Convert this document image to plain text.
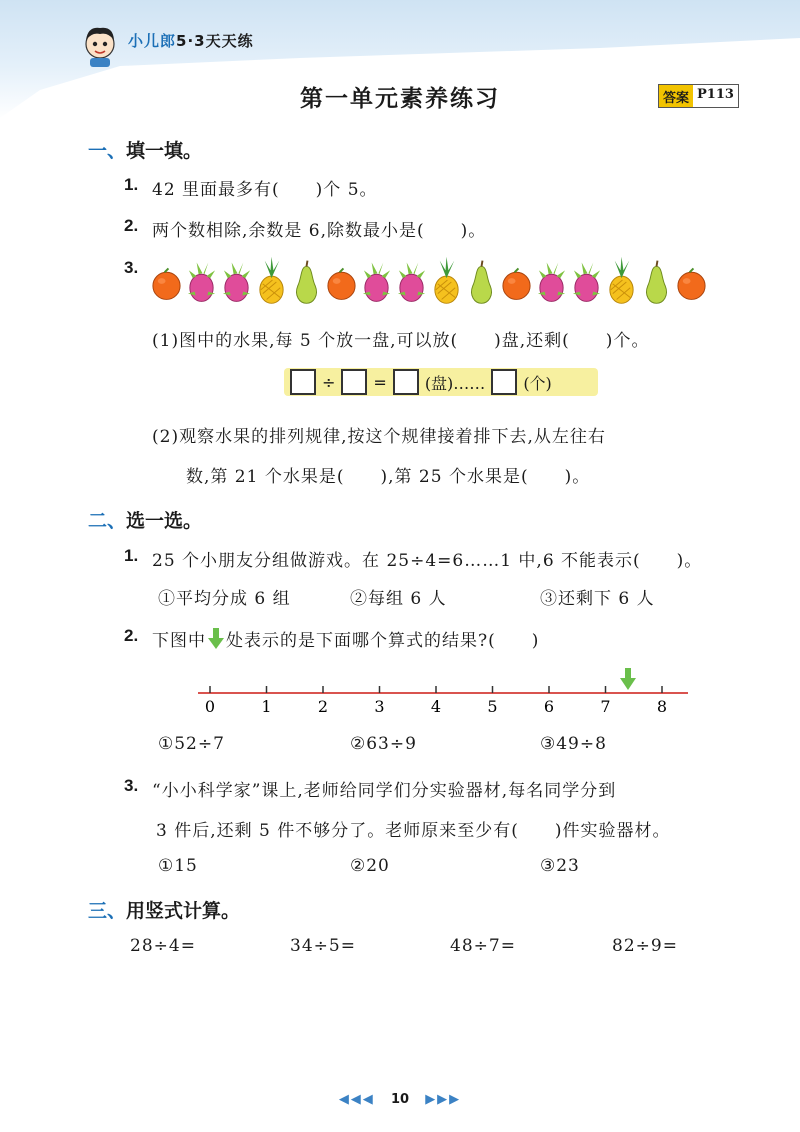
小儿郎5·3天天练
第一单元素养练习	答案 P113
一、填一填。
1. 42 里面最多有(　　)个 5。
2. 两个数相除,余数是 6,除数最小是(　　)。
3.
(1)图中的水果,每 5 个放一盘,可以放(　　)盘,还剩(　　)个。
÷ = (盘)…… (个)
(2)观察水果的排列规律,按这个规律接着排下去,从左往右
数,第 21 个水果是(　　),第 25 个水果是(　　)。
二、选一选。
1. 25 个小朋友分组做游戏。在 25÷4=6……1 中,6 不能表示(　　)。
①平均分成 6 组	②每组 6 人	③还剩下 6 人
2. 下图中 处表示的是下面哪个算式的结果?(　　)
0	1	2	3	4	5	6	7	8
①52÷7	②63÷9	③49÷8
3. “小小科学家”课上,老师给同学们分实验器材,每名同学分到
3 件后,还剩 5 件不够分了。老师原来至少有(　　)件实验器材。
①15	②20	③23
三、用竖式计算。
28÷4=	34÷5=	48÷7=	82÷9=
◀◀◀ 10 ▶▶▶
